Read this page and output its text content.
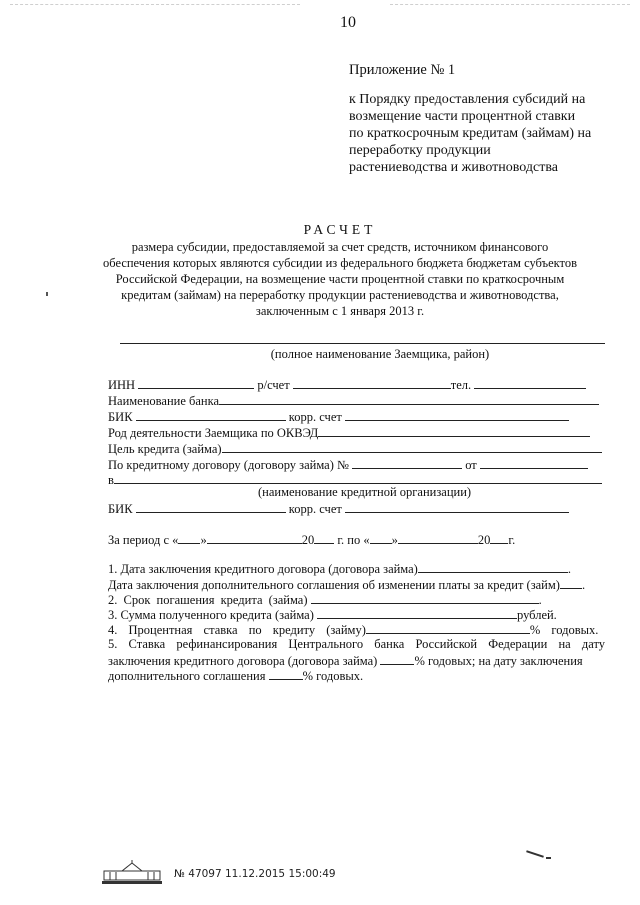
10
Приложение № 1
к Порядку предоставления субсидий на
возмещение части процентной ставки
по краткосрочным кредитам (займам) на
переработку продукции
растениеводства и животноводства
РАСЧЕТ
размера субсидии, предоставляемой за счет средств, источником финансового
обеспечения которых являются субсидии из федерального бюджета бюджетам субъектов
Российской Федерации, на возмещение части процентной ставки по краткосрочным
кредитам (займам) на переработку продукции растениеводства и животноводства,
заключенным с 1 января 2013 г.
(полное наименование Заемщика, район)
ИНН	р/счет	тел.
Наименование банка
БИК	корр. счет
Род деятельности Заемщика по ОКВЭД
Цель кредита (займа)
По кредитному договору (договору займа) №	от
в
(наименование кредитной организации)
БИК	корр. счет
За период с « »	20 г. по « »	20 г.
1. Дата заключения кредитного договора (договора займа)	.
Дата заключения дополнительного соглашения об изменении платы за кредит (займ) .
2. Срок погашения кредита (займа)	.
3. Сумма полученного кредита (займа)	рублей.
4. Процентная ставка по кредиту (займу)	% годовых.
5. Ставка рефинансирования Центрального банка Российской Федерации на дату
заключения кредитного договора (договора займа)	% годовых; на дату заключения
дополнительного соглашения	% годовых.
№ 47097 11.12.2015 15:00:49
